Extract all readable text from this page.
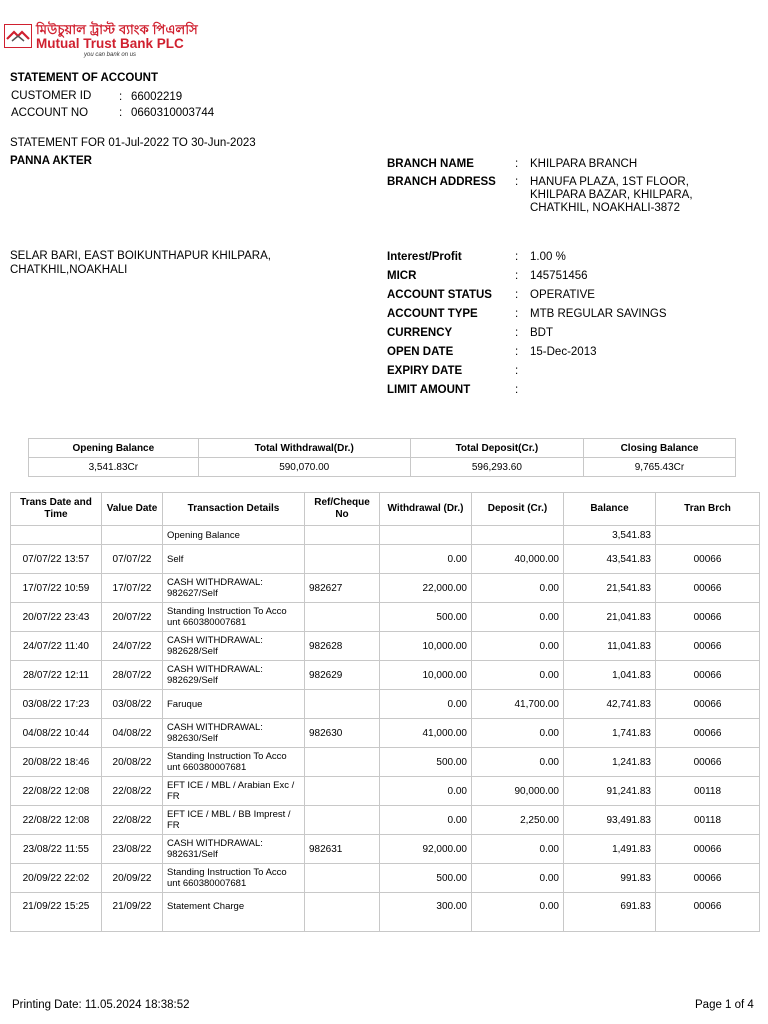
মিউচুয়াল ট্রাস্ট ব্যাংক পিএলসি
Mutual Trust Bank PLC
you can bank on us
STATEMENT OF ACCOUNT
CUSTOMER ID : 66002219
ACCOUNT NO	: 0660310003744
STATEMENT FOR 01-Jul-2022 TO 30-Jun-2023
PANNA AKTER
SELAR BARI, EAST BOIKUNTHAPUR KHILPARA,
CHATKHIL,NOAKHALI
BRANCH NAME	: KHILPARA BRANCH
BRANCH ADDRESS : HANUFA PLAZA, 1ST FLOOR,
KHILPARA BAZAR, KHILPARA,
CHATKHIL, NOAKHALI-3872
Interest/Profit	: 1.00 %
MICR	: 145751456
ACCOUNT STATUS : OPERATIVE
ACCOUNT TYPE	: MTB REGULAR SAVINGS
CURRENCY	: BDT
OPEN DATE	: 15-Dec-2013
EXPIRY DATE	:
LIMIT AMOUNT	:
Opening Balance	Total Withdrawal(Dr.)	Total Deposit(Cr.)	Closing Balance
3,541.83Cr	590,070.00	596,293.60	9,765.43Cr
Trans Date and Time	Value Date	Transaction Details	Ref/Cheque No	Withdrawal (Dr.)	Deposit (Cr.)	Balance	Tran Brch
		Opening Balance				3,541.83	
07/07/22 13:57	07/07/22	Self		0.00	40,000.00	43,541.83	00066
17/07/22 10:59	17/07/22	CASH WITHDRAWAL: 982627/Self	982627	22,000.00	0.00	21,541.83	00066
20/07/22 23:43	20/07/22	Standing Instruction To Acco unt 660380007681		500.00	0.00	21,041.83	00066
24/07/22 11:40	24/07/22	CASH WITHDRAWAL: 982628/Self	982628	10,000.00	0.00	11,041.83	00066
28/07/22 12:11	28/07/22	CASH WITHDRAWAL: 982629/Self	982629	10,000.00	0.00	1,041.83	00066
03/08/22 17:23	03/08/22	Faruque		0.00	41,700.00	42,741.83	00066
04/08/22 10:44	04/08/22	CASH WITHDRAWAL: 982630/Self	982630	41,000.00	0.00	1,741.83	00066
20/08/22 18:46	20/08/22	Standing Instruction To Acco unt 660380007681		500.00	0.00	1,241.83	00066
22/08/22 12:08	22/08/22	EFT ICE / MBL / Arabian Exc / FR		0.00	90,000.00	91,241.83	00118
22/08/22 12:08	22/08/22	EFT ICE / MBL / BB Imprest / FR		0.00	2,250.00	93,491.83	00118
23/08/22 11:55	23/08/22	CASH WITHDRAWAL: 982631/Self	982631	92,000.00	0.00	1,491.83	00066
20/09/22 22:02	20/09/22	Standing Instruction To Acco unt 660380007681		500.00	0.00	991.83	00066
21/09/22 15:25	21/09/22	Statement Charge		300.00	0.00	691.83	00066
Printing Date: 11.05.2024 18:38:52	Page 1 of 4
